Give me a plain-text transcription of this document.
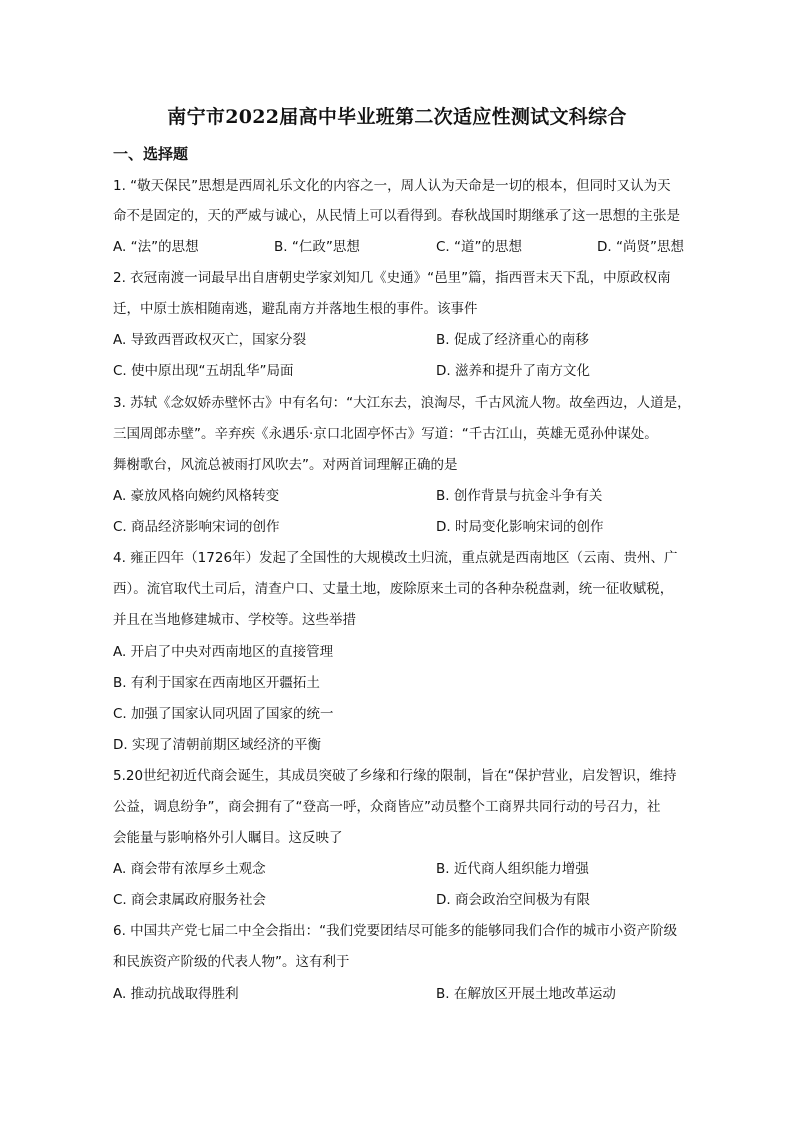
南宁市2022届高中毕业班第二次适应性测试文科综合
一、选择题
1. “敬天保民”思想是西周礼乐文化的内容之一，周人认为天命是一切的根本，但同时又认为天
命不是固定的，天的严威与诚心，从民情上可以看得到。春秋战国时期继承了这一思想的主张是
A. “法”的思想	B. “仁政”思想	C. “道”的思想	D. “尚贤”思想
2. 衣冠南渡一词最早出自唐朝史学家刘知几《史通》“邑里”篇，指西晋末天下乱，中原政权南
迁，中原士族相随南逃，避乱南方并落地生根的事件。该事件
A. 导致西晋政权灭亡，国家分裂	B. 促成了经济重心的南移
C. 使中原出现“五胡乱华”局面	D. 滋养和提升了南方文化
3. 苏轼《念奴娇赤壁怀古》中有名句：“大江东去，浪淘尽，千古风流人物。故垒西边，人道是，
三国周郎赤壁”。辛弃疾《永遇乐·京口北固亭怀古》写道：“千古江山，英雄无觅孙仲谋处。
舞榭歌台，风流总被雨打风吹去”。对两首词理解正确的是
A. 豪放风格向婉约风格转变	B. 创作背景与抗金斗争有关
C. 商品经济影响宋词的创作	D. 时局变化影响宋词的创作
4. 雍正四年（1726年）发起了全国性的大规模改土归流，重点就是西南地区（云南、贵州、广
西）。流官取代土司后，清查户口、丈量土地，废除原来土司的各种杂税盘剥，统一征收赋税，
并且在当地修建城市、学校等。这些举措
A. 开启了中央对西南地区的直接管理
B. 有利于国家在西南地区开疆拓土
C. 加强了国家认同巩固了国家的统一
D. 实现了清朝前期区域经济的平衡
5.20世纪初近代商会诞生，其成员突破了乡缘和行缘的限制，旨在“保护营业，启发智识，维持
公益，调息纷争”，商会拥有了“登高一呼，众商皆应”动员整个工商界共同行动的号召力，社
会能量与影响格外引人瞩目。这反映了
A. 商会带有浓厚乡土观念	B. 近代商人组织能力增强
C. 商会隶属政府服务社会	D. 商会政治空间极为有限
6. 中国共产党七届二中全会指出：“我们党要团结尽可能多的能够同我们合作的城市小资产阶级
和民族资产阶级的代表人物”。这有利于
A. 推动抗战取得胜利	B. 在解放区开展土地改革运动
